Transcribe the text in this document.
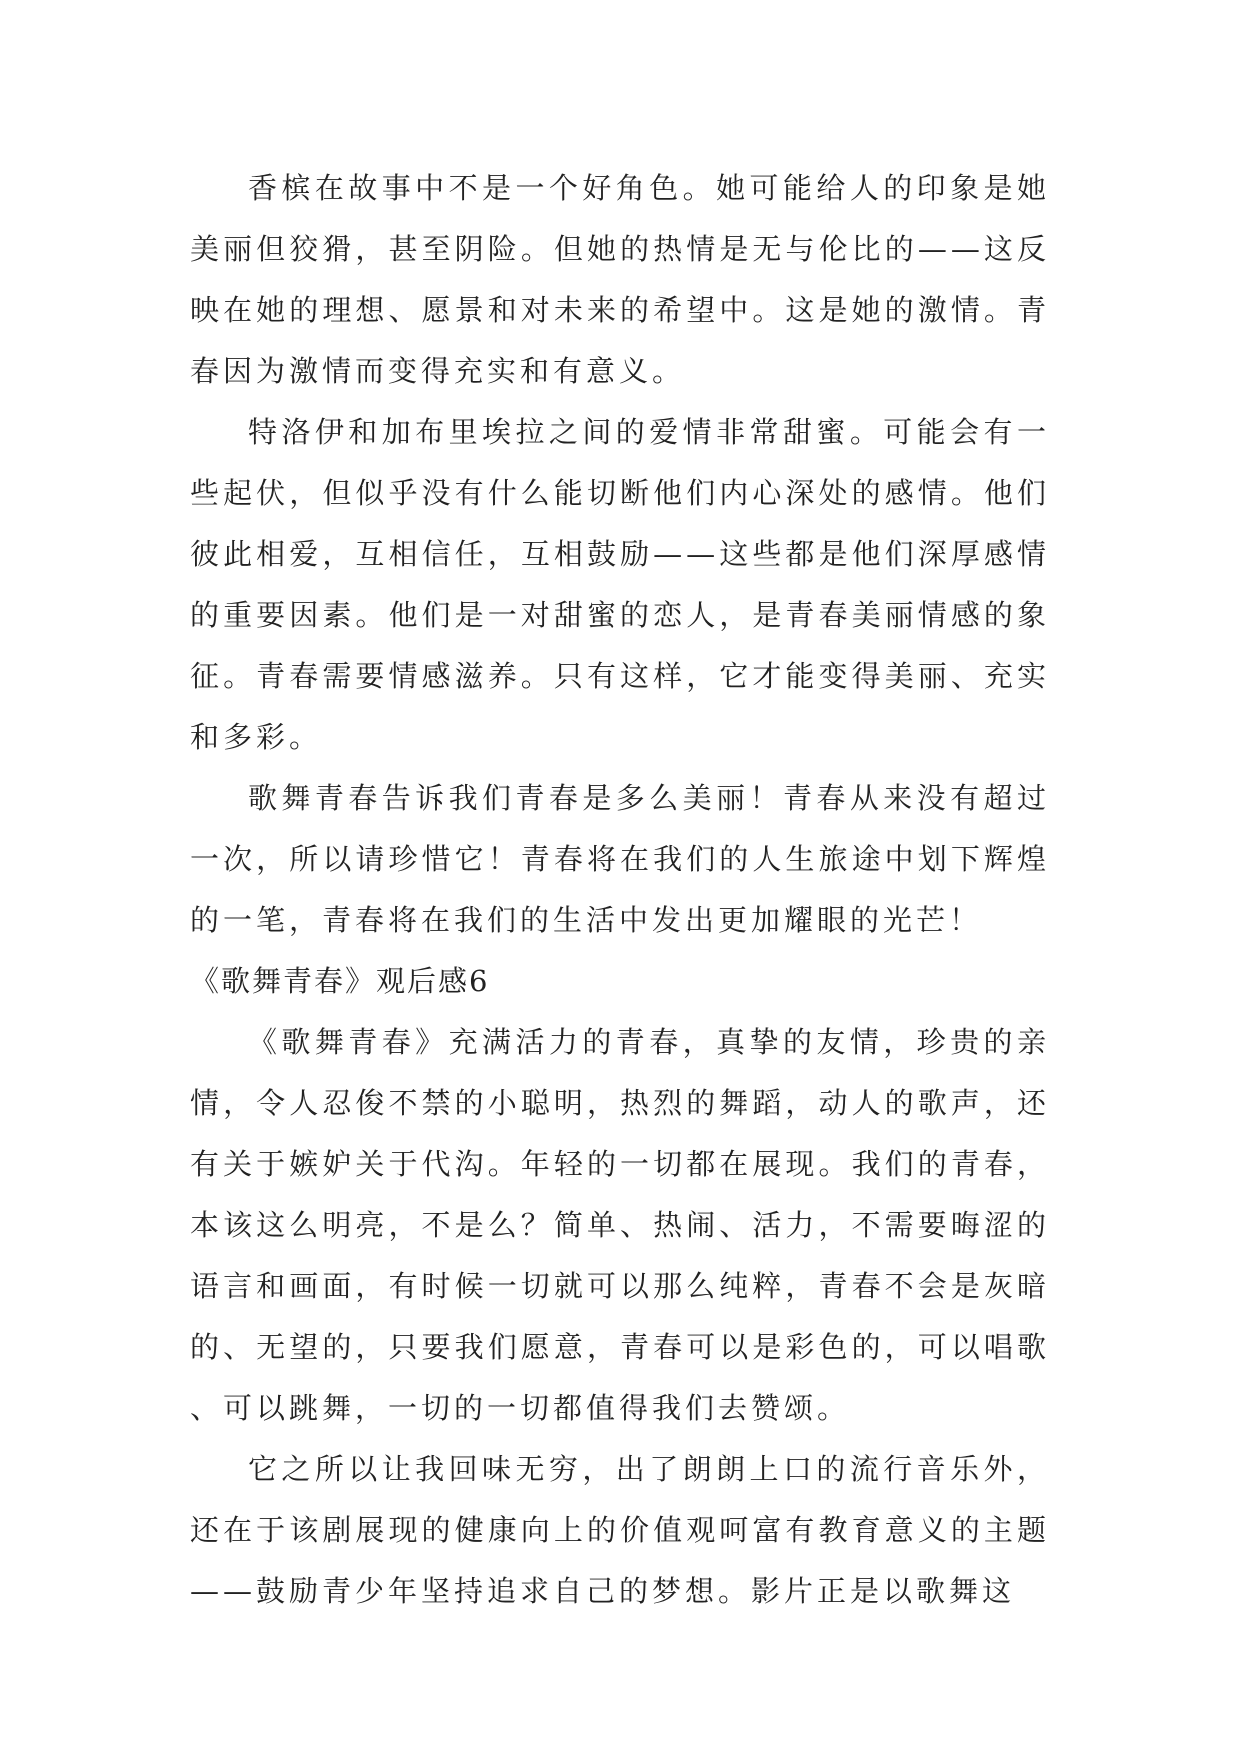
香槟在故事中不是一个好角色。她可能给人的印象是她美丽但狡猾，甚至阴险。但她的热情是无与伦比的——这反映在她的理想、愿景和对未来的希望中。这是她的激情。青春因为激情而变得充实和有意义。

特洛伊和加布里埃拉之间的爱情非常甜蜜。可能会有一些起伏，但似乎没有什么能切断他们内心深处的感情。他们彼此相爱，互相信任，互相鼓励——这些都是他们深厚感情的重要因素。他们是一对甜蜜的恋人，是青春美丽情感的象征。青春需要情感滋养。只有这样，它才能变得美丽、充实和多彩。

歌舞青春告诉我们青春是多么美丽！青春从来没有超过一次，所以请珍惜它！青春将在我们的人生旅途中划下辉煌的一笔，青春将在我们的生活中发出更加耀眼的光芒！

《歌舞青春》观后感6

《歌舞青春》充满活力的青春，真挚的友情，珍贵的亲情，令人忍俊不禁的小聪明，热烈的舞蹈，动人的歌声，还有关于嫉妒关于代沟。年轻的一切都在展现。我们的青春，本该这么明亮，不是么？简单、热闹、活力，不需要晦涩的语言和画面，有时候一切就可以那么纯粹，青春不会是灰暗的、无望的，只要我们愿意，青春可以是彩色的，可以唱歌、可以跳舞，一切的一切都值得我们去赞颂。

它之所以让我回味无穷，出了朗朗上口的流行音乐外，还在于该剧展现的健康向上的价值观呵富有教育意义的主题——鼓励青少年坚持追求自己的梦想。影片正是以歌舞这
